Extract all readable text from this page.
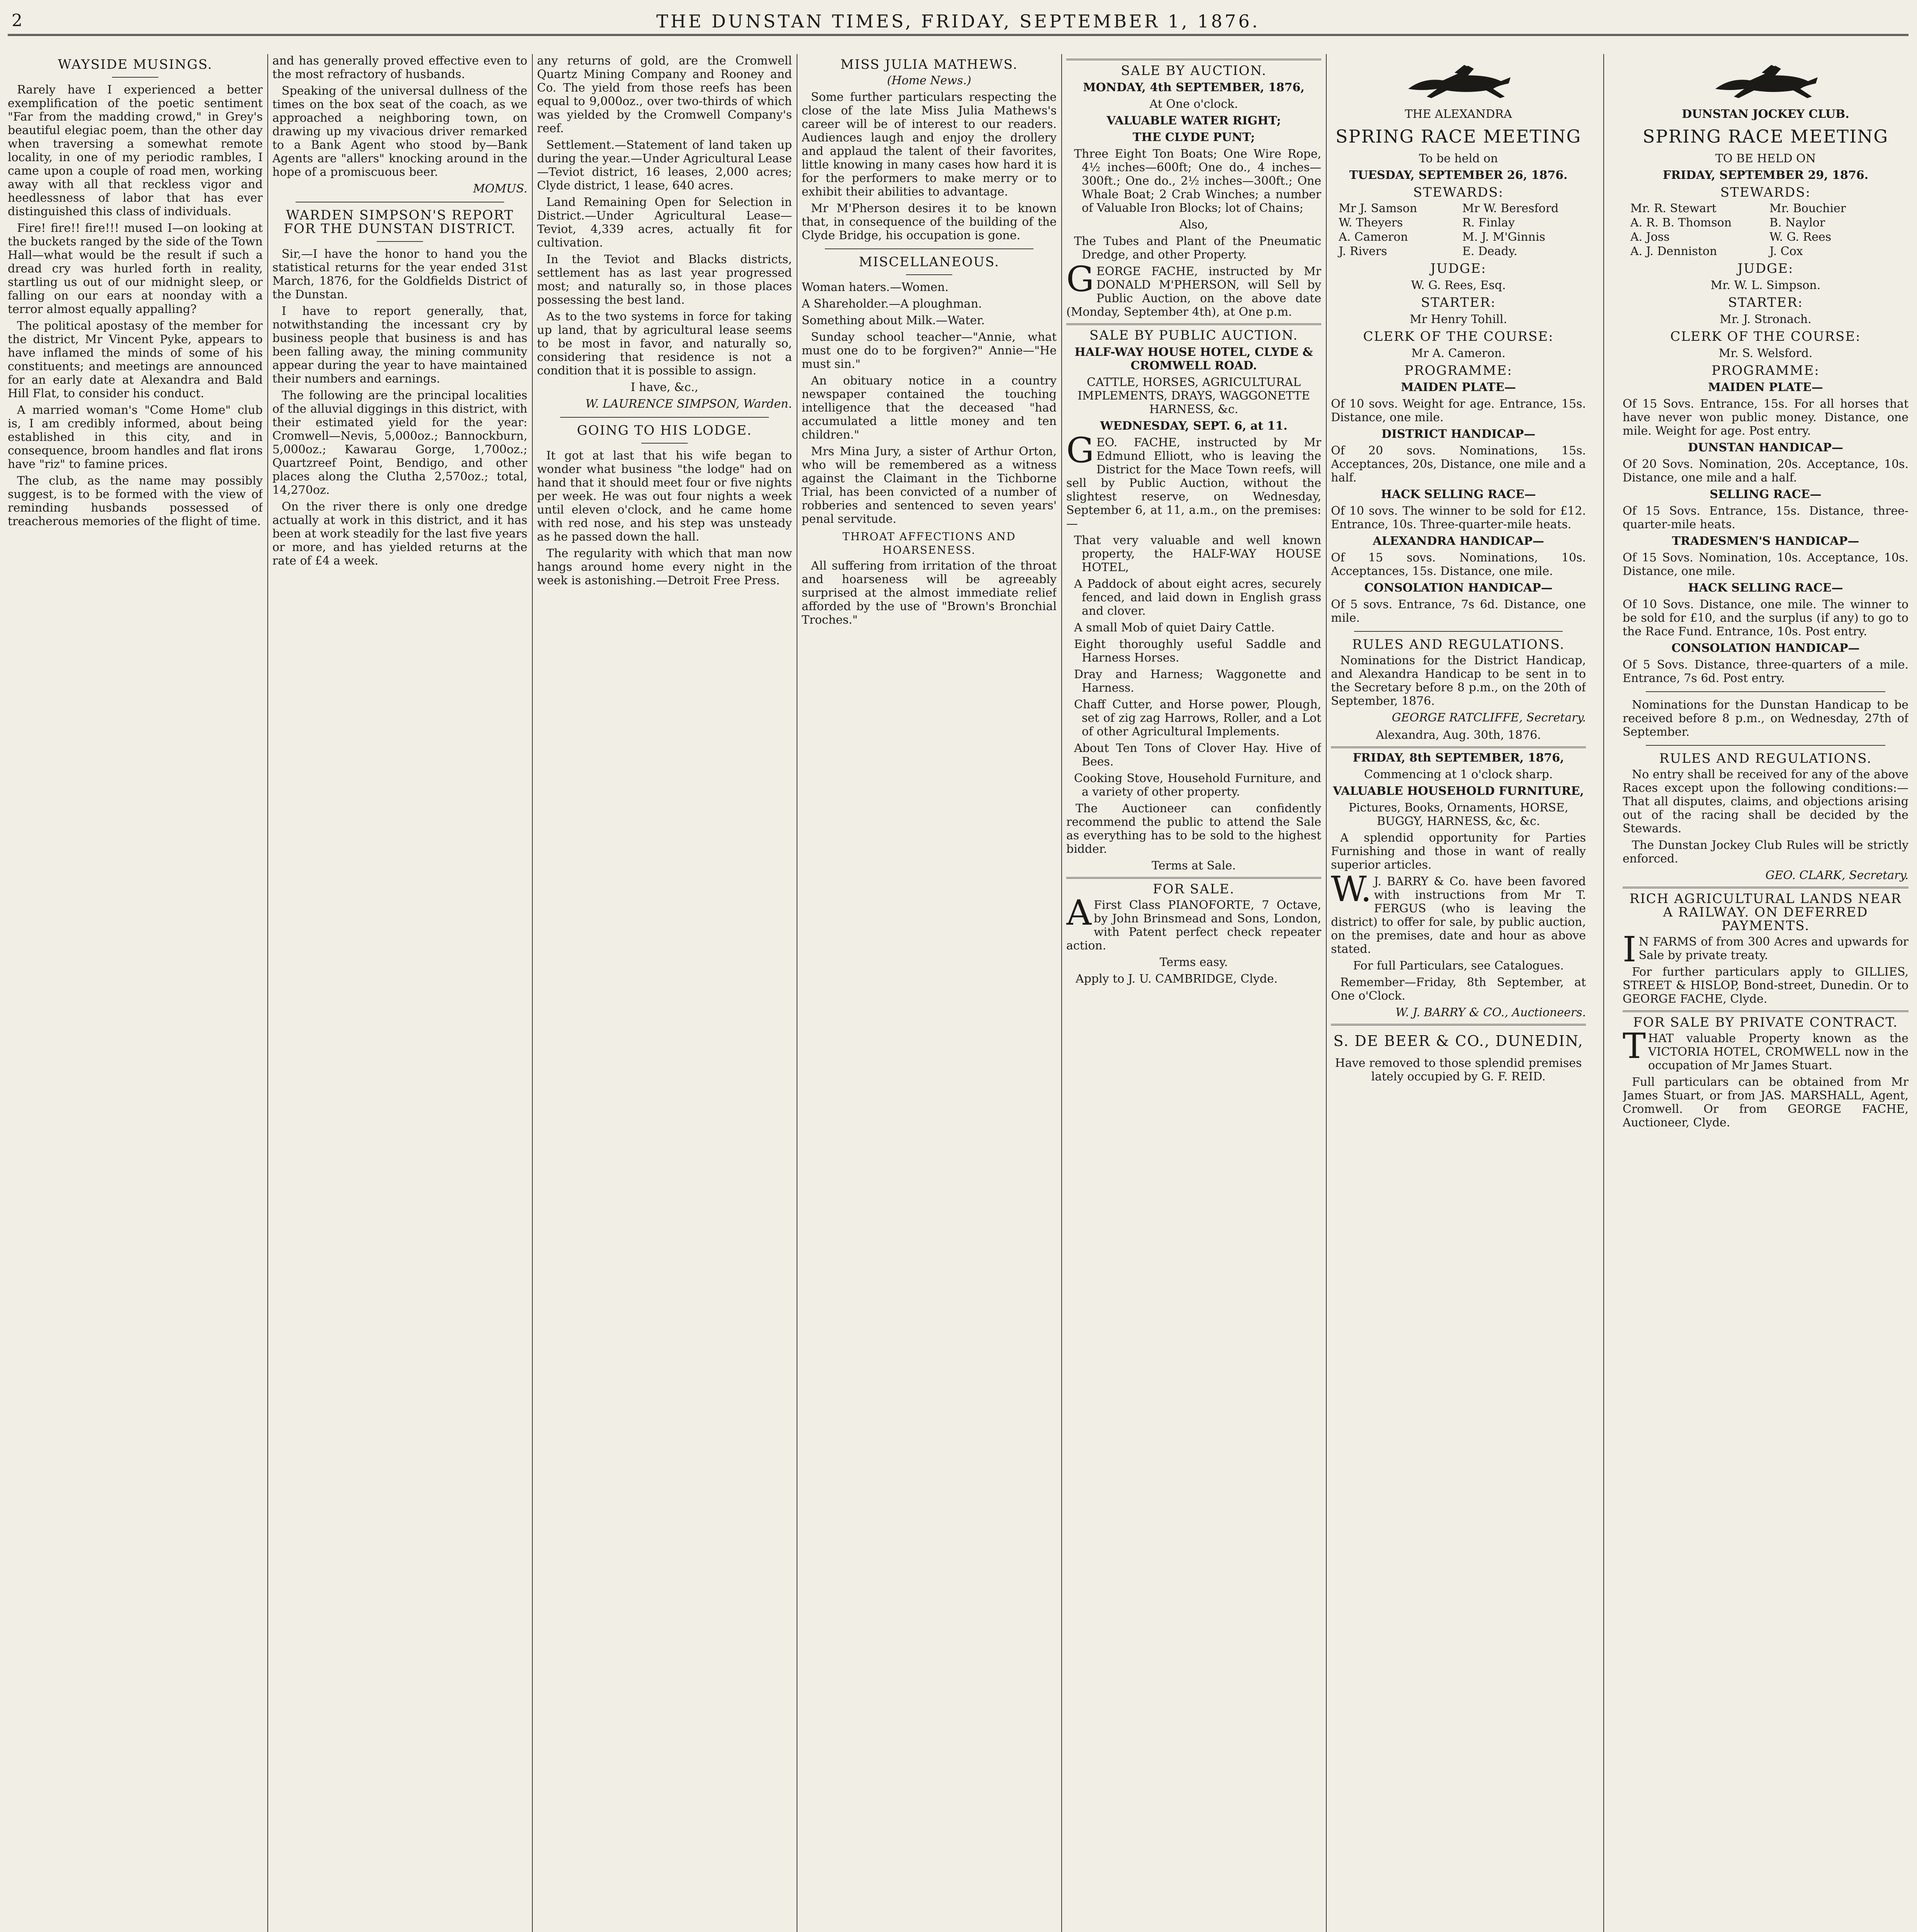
2	THE DUNSTAN TIMES, FRIDAY, SEPTEMBER 1, 1876.
WAYSIDE MUSINGS.

Rarely have I experienced a better exemplification of the poetic sentiment "Far from the madding crowd," in Grey's beautiful elegiac poem, than the other day when traversing a somewhat remote locality, in one of my periodic rambles, I came upon a couple of road men, working away with all that reckless vigor and heedlessness of labor that has ever distinguished this class of individuals.

Fire! fire!! fire!!! mused I—on looking at the buckets ranged by the side of the Town Hall—what would be the result if such a dread cry was hurled forth in reality, startling us out of our midnight sleep, or falling on our ears at noonday with a terror almost equally appalling?

The political apostasy of the member for the district, Mr Vincent Pyke, appears to have inflamed the minds of some of his constituents; and meetings are announced for an early date at Alexandra and Bald Hill Flat, to consider his conduct.

A married woman's "Come Home" club is, I am credibly informed, about being established in this city, and in consequence, broom handles and flat irons have "riz" to famine prices.

The club, as the name may possibly suggest, is to be formed with the view of reminding husbands possessed of treacherous memories of the flight of time.

and has generally proved effective even to the most refractory of husbands.

Speaking of the universal dullness of the times on the box seat of the coach, as we approached a neighboring town, on drawing up my vivacious driver remarked to a Bank Agent who stood by—Bank Agents are "allers" knocking around in the hope of a promiscuous beer.

MOMUS.
WARDEN SIMPSON'S REPORT FOR THE DUNSTAN DISTRICT.

Sir,—I have the honor to hand you the statistical returns for the year ended 31st March, 1876, for the Goldfields District of the Dunstan.

I have to report generally, that, notwithstanding the incessant cry by business people that business is and has been falling away, the mining community appear during the year to have maintained their numbers and earnings.

The following are the principal localities of the alluvial diggings in this district, with their estimated yield for the year: Cromwell—Nevis, 5,000oz.; Bannockburn, 5,000oz.; Kawarau Gorge, 1,700oz.; Quartzreef Point, Bendigo, and other places along the Clutha 2,570oz.; total, 14,270oz.

On the river there is only one dredge actually at work in this district, and it has been at work steadily for the last five years or more, and has yielded returns at the rate of £4 a week.

any returns of gold, are the Cromwell Quartz Mining Company and Rooney and Co. The yield from those reefs has been equal to 9,000oz., over two-thirds of which was yielded by the Cromwell Company's reef.

Settlement.—Statement of land taken up during the year.—Under Agricultural Lease—Teviot district, 16 leases, 2,000 acres; Clyde district, 1 lease, 640 acres.

Land Remaining Open for Selection in District.—Under Agricultural Lease—Teviot, 4,339 acres, actually fit for cultivation.

In the Teviot and Blacks districts, settlement has as last year progressed most; and naturally so, in those places possessing the best land.

As to the two systems in force for taking up land, that by agricultural lease seems to be most in favor, and naturally so, considering that residence is not a condition that it is possible to assign.

I have, &c.,
W. LAURENCE SIMPSON, Warden.
GOING TO HIS LODGE.

It got at last that his wife began to wonder what business "the lodge" had on hand that it should meet four or five nights per week. He was out four nights a week until eleven o'clock, and he came home with red nose, and his step was unsteady as he passed down the hall.

The regularity with which that man now hangs around home every night in the week is astonishing.—Detroit Free Press.

MISS JULIA MATHEWS.
(Home News.)

Some further particulars respecting the close of the late Miss Julia Mathews's career will be of interest to our readers. Audiences laugh and enjoy the drollery and applaud the talent of their favorites, little knowing in many cases how hard it is for the performers to make merry or to exhibit their abilities to advantage.

Mr M'Pherson desires it to be known that, in consequence of the building of the Clyde Bridge, his occupation is gone.

MISCELLANEOUS.

Woman haters.—Women.

A Shareholder.—A ploughman.

Something about Milk.—Water.

Sunday school teacher—"Annie, what must one do to be forgiven?" Annie—"He must sin."

An obituary notice in a country newspaper contained the touching intelligence that the deceased "had accumulated a little money and ten children."

Mrs Mina Jury, a sister of Arthur Orton, who will be remembered as a witness against the Claimant in the Tichborne Trial, has been convicted of a number of robberies and sentenced to seven years' penal servitude.

THROAT AFFECTIONS AND HOARSENESS.

All suffering from irritation of the throat and hoarseness will be agreeably surprised at the almost immediate relief afforded by the use of "Brown's Bronchial Troches."

SALE BY AUCTION.
MONDAY, 4th SEPTEMBER, 1876,
At One o'clock.
VALUABLE WATER RIGHT;
THE CLYDE PUNT;

Three Eight Ton Boats; One Wire Rope, 4½ inches—600ft; One do., 4 inches—300ft.; One do., 2½ inches—300ft.; One Whale Boat; 2 Crab Winches; a number of Valuable Iron Blocks; lot of Chains;

Also,

The Tubes and Plant of the Pneumatic Dredge, and other Property.

GEORGE FACHE, instructed by Mr DONALD M'PHERSON, will Sell by Public Auction, on the above date (Monday, September 4th), at One p.m.

SALE BY PUBLIC AUCTION.
HALF-WAY HOUSE HOTEL, CLYDE & CROMWELL ROAD.
CATTLE, HORSES, AGRICULTURAL IMPLEMENTS, DRAYS, WAGGONETTE HARNESS, &c.
WEDNESDAY, SEPT. 6, at 11.

GEO. FACHE, instructed by Mr Edmund Elliott, who is leaving the District for the Mace Town reefs, will sell by Public Auction, without the slightest reserve, on Wednesday, September 6, at 11, a.m., on the premises:—

That very valuable and well known property, the HALF-WAY HOUSE HOTEL,

A Paddock of about eight acres, securely fenced, and laid down in English grass and clover.

A small Mob of quiet Dairy Cattle.

Eight thoroughly useful Saddle and Harness Horses.

Dray and Harness; Waggonette and Harness.

Chaff Cutter, and Horse power, Plough, set of zig zag Harrows, Roller, and a Lot of other Agricultural Implements.

About Ten Tons of Clover Hay. Hive of Bees.

Cooking Stove, Household Furniture, and a variety of other property.

The Auctioneer can confidently recommend the public to attend the Sale as everything has to be sold to the highest bidder.

Terms at Sale.
FOR SALE.

AFirst Class PIANOFORTE, 7 Octave, by John Brinsmead and Sons, London, with Patent perfect check repeater action.

Terms easy.

Apply to J. U. CAMBRIDGE, Clyde.

THE ALEXANDRA
SPRING RACE MEETING
To be held on
TUESDAY, SEPTEMBER 26, 1876.
STEWARDS:
Mr J. Samson	Mr W. Beresford
W. Theyers	R. Finlay
A. Cameron	M. J. M'Ginnis
J. Rivers	E. Deady.
JUDGE:
W. G. Rees, Esq.
STARTER:
Mr Henry Tohill.
CLERK OF THE COURSE:
Mr A. Cameron.
PROGRAMME:
MAIDEN PLATE—

Of 10 sovs. Weight for age. Entrance, 15s. Distance, one mile.

DISTRICT HANDICAP—

Of 20 sovs. Nominations, 15s. Acceptances, 20s, Distance, one mile and a half.

HACK SELLING RACE—

Of 10 sovs. The winner to be sold for £12. Entrance, 10s. Three-quarter-mile heats.

ALEXANDRA HANDICAP—

Of 15 sovs. Nominations, 10s. Acceptances, 15s. Distance, one mile.

CONSOLATION HANDICAP—

Of 5 sovs. Entrance, 7s 6d. Distance, one mile.

RULES AND REGULATIONS.

Nominations for the District Handicap, and Alexandra Handicap to be sent in to the Secretary before 8 p.m., on the 20th of September, 1876.

GEORGE RATCLIFFE, Secretary.
Alexandra, Aug. 30th, 1876.
FRIDAY, 8th SEPTEMBER, 1876,
Commencing at 1 o'clock sharp.
VALUABLE HOUSEHOLD FURNITURE,
Pictures, Books, Ornaments, HORSE, BUGGY, HARNESS, &c, &c.

A splendid opportunity for Parties Furnishing and those in want of really superior articles.

W.J. BARRY & Co. have been favored with instructions from Mr T. FERGUS (who is leaving the district) to offer for sale, by public auction, on the premises, date and hour as above stated.

For full Particulars, see Catalogues.

Remember—Friday, 8th September, at One o'Clock.

W. J. BARRY & CO., Auctioneers.
S. DE BEER & CO., DUNEDIN,

Have removed to those splendid premises lately occupied by G. F. REID.

DUNSTAN JOCKEY CLUB.
SPRING RACE MEETING
TO BE HELD ON
FRIDAY, SEPTEMBER 29, 1876.
STEWARDS:
Mr. R. Stewart	Mr. Bouchier
A. R. B. Thomson	B. Naylor
A. Joss	W. G. Rees
A. J. Denniston	J. Cox
JUDGE:
Mr. W. L. Simpson.
STARTER:
Mr. J. Stronach.
CLERK OF THE COURSE:
Mr. S. Welsford.
PROGRAMME:
MAIDEN PLATE—

Of 15 Sovs. Entrance, 15s. For all horses that have never won public money. Distance, one mile. Weight for age. Post entry.

DUNSTAN HANDICAP—

Of 20 Sovs. Nomination, 20s. Acceptance, 10s. Distance, one mile and a half.

SELLING RACE—

Of 15 Sovs. Entrance, 15s. Distance, three-quarter-mile heats.

TRADESMEN'S HANDICAP—

Of 15 Sovs. Nomination, 10s. Acceptance, 10s. Distance, one mile.

HACK SELLING RACE—

Of 10 Sovs. Distance, one mile. The winner to be sold for £10, and the surplus (if any) to go to the Race Fund. Entrance, 10s. Post entry.

CONSOLATION HANDICAP—

Of 5 Sovs. Distance, three-quarters of a mile. Entrance, 7s 6d. Post entry.

Nominations for the Dunstan Handicap to be received before 8 p.m., on Wednesday, 27th of September.

RULES AND REGULATIONS.

No entry shall be received for any of the above Races except upon the following conditions:—That all disputes, claims, and objections arising out of the racing shall be decided by the Stewards.

The Dunstan Jockey Club Rules will be strictly enforced.

GEO. CLARK, Secretary.
RICH AGRICULTURAL LANDS NEAR A RAILWAY. ON DEFERRED PAYMENTS.

IN FARMS of from 300 Acres and upwards for Sale by private treaty.

For further particulars apply to GILLIES, STREET & HISLOP, Bond-street, Dunedin. Or to GEORGE FACHE, Clyde.

FOR SALE BY PRIVATE CONTRACT.

THAT valuable Property known as the VICTORIA HOTEL, CROMWELL now in the occupation of Mr James Stuart.

Full particulars can be obtained from Mr James Stuart, or from JAS. MARSHALL, Agent, Cromwell. Or from GEORGE FACHE, Auctioneer, Clyde.
